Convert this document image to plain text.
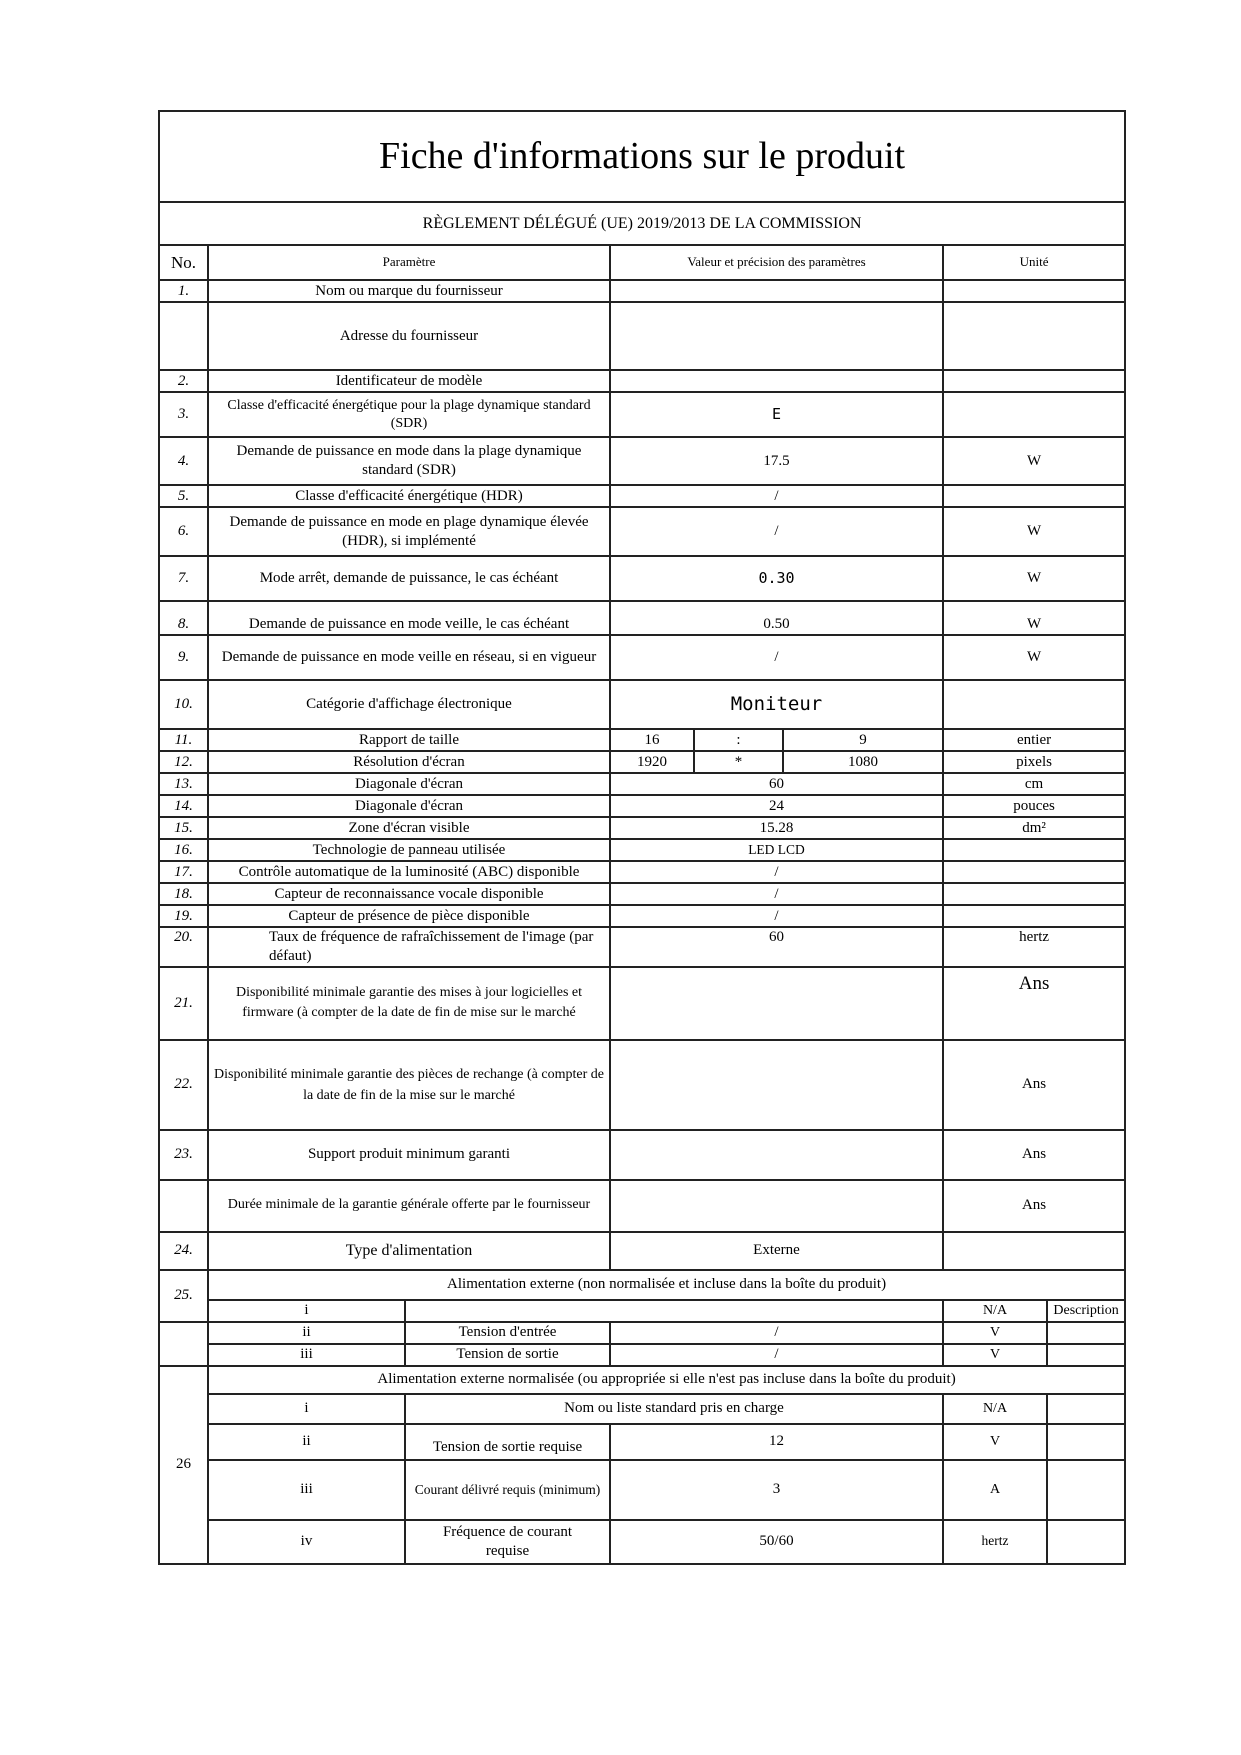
Fiche d'informations sur le produit							
RÈGLEMENT DÉLÉGUÉ (UE) 2019/2013 DE LA COMMISSION							
No.	Paramètre		Valeur et précision des paramètres			Unité	
1.	Nom ou marque du fournisseur						
	Adresse du fournisseur						
2.	Identificateur de modèle						
3.	Classe d'efficacité énergétique pour la plage dynamique standard (SDR)		E				
4.	Demande de puissance en mode dans la plage dynamique standard (SDR)		17.5			W	
5.	Classe d'efficacité énergétique (HDR)		/				
6.	Demande de puissance en mode en plage dynamique élevée (HDR), si implémenté		/			W	
7.	Mode arrêt, demande de puissance, le cas échéant		0.30			W	
8.	Demande de puissance en mode veille, le cas échéant		0.50			W	
9.	Demande de puissance en mode veille en réseau, si en vigueur		/			W	
10.	Catégorie d'affichage électronique		Moniteur				
11.	Rapport de taille		16	:	9	entier	
12.	Résolution d'écran		1920	*	1080	pixels	
13.	Diagonale d'écran		60			cm	
14.	Diagonale d'écran		24			pouces	
15.	Zone d'écran visible		15.28			dm²	
16.	Technologie de panneau utilisée		LED LCD				
17.	Contrôle automatique de la luminosité (ABC) disponible		/				
18.	Capteur de reconnaissance vocale disponible		/				
19.	Capteur de présence de pièce disponible		/				
20.	Taux de fréquence de rafraîchissement de l'image (par défaut)		60			hertz	
21.	Disponibilité minimale garantie des mises à jour logicielles et firmware (à compter de la date de fin de mise sur le marché					Ans	
22.	Disponibilité minimale garantie des pièces de rechange (à compter de la date de fin de la mise sur le marché					Ans	
23.	Support produit minimum garanti					Ans	
	Durée minimale de la garantie générale offerte par le fournisseur					Ans	
24.	Type d'alimentation		Externe				
25.	Alimentation externe (non normalisée et incluse dans la boîte du produit)						
	i					N/A	Description
	ii	Tension d'entrée	/			V	
	iii	Tension de sortie	/			V	
26	Alimentation externe normalisée (ou appropriée si elle n'est pas incluse dans la boîte du produit)						
	i	Nom ou liste standard pris en charge				N/A	
	ii	Tension de sortie requise	12			V	
	iii	Courant délivré requis (minimum)	3			A	
	iv	Fréquence de courant requise	50/60			hertz	
